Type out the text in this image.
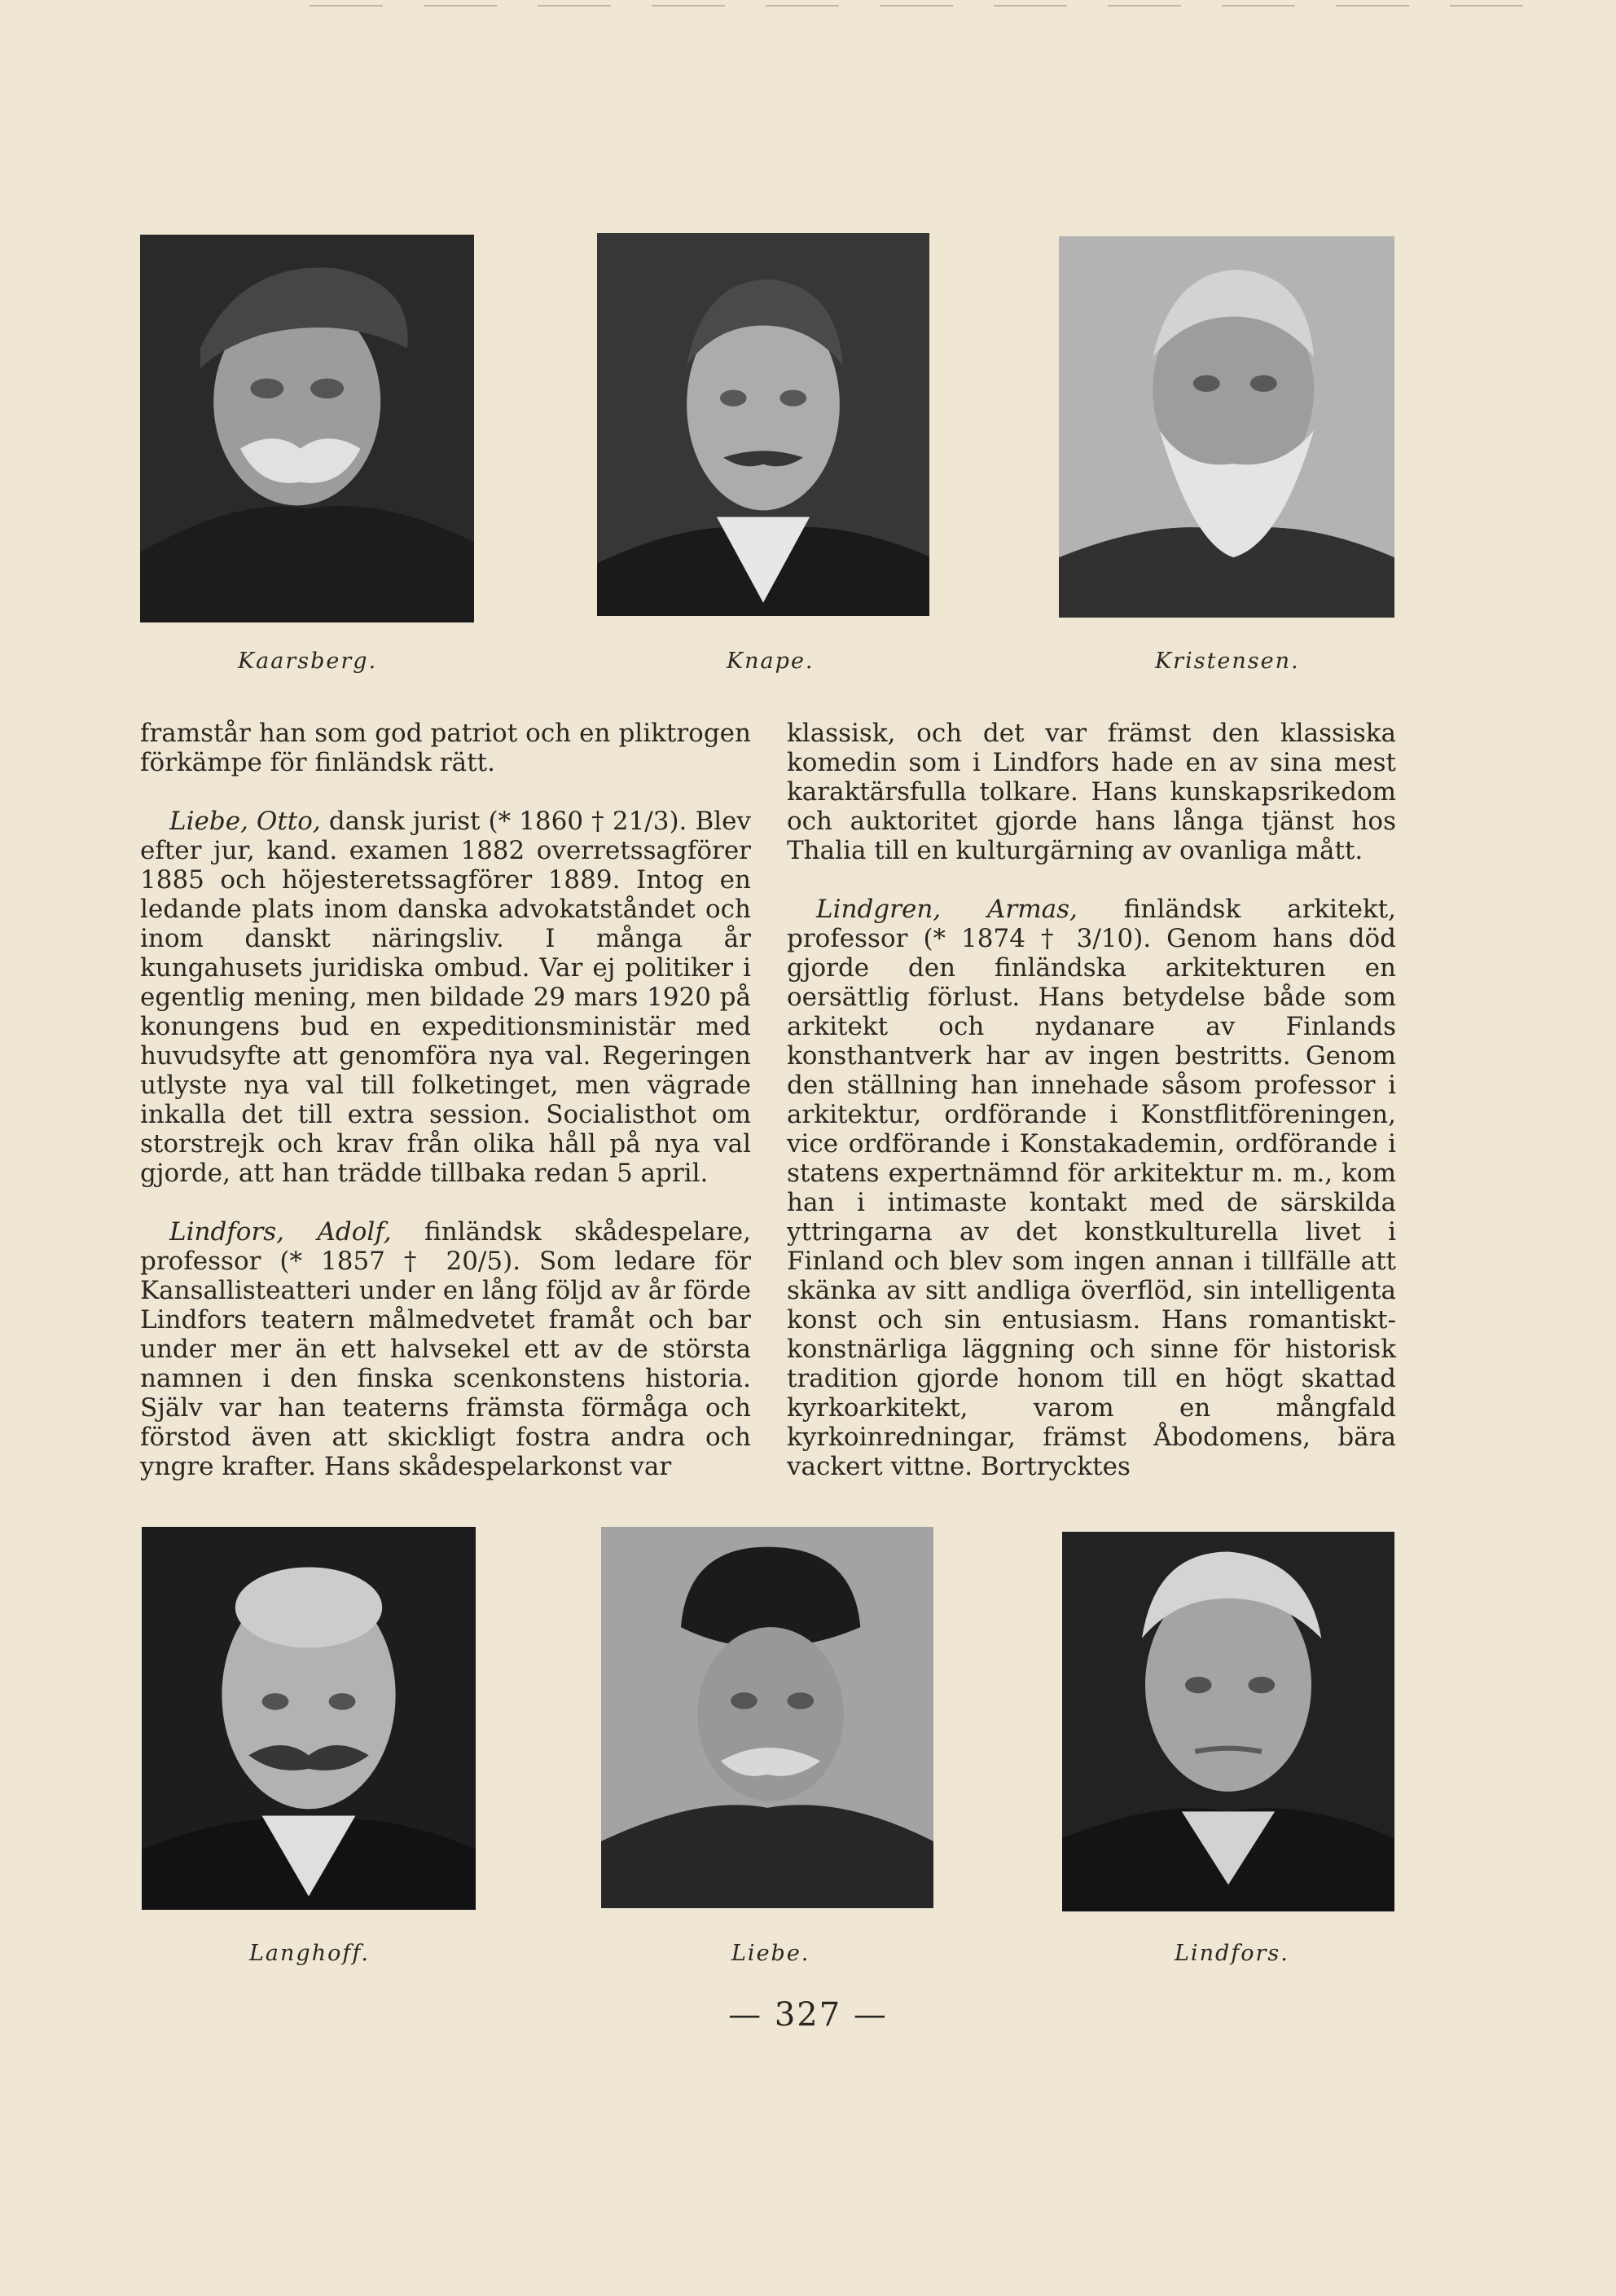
Kaarsberg.	Knape.	Kristensen.

framstår han som god patriot och en pliktrogen förkämpe för finländsk rätt.

Liebe, Otto, dansk jurist (* 1860 † 21/3). Blev efter jur, kand. examen 1882 overretssagförer 1885 och höjesteretssagförer 1889. Intog en ledande plats inom danska advokatståndet och inom danskt näringsliv. I många år kungahusets juridiska ombud. Var ej politiker i egentlig mening, men bildade 29 mars 1920 på konungens bud en expeditionsministär med huvudsyfte att genomföra nya val. Regeringen utlyste nya val till folketinget, men vägrade inkalla det till extra session. Socialisthot om storstrejk och krav från olika håll på nya val gjorde, att han trädde tillbaka redan 5 april.

Lindfors, Adolf, finländsk skådespelare, professor (* 1857 † 20/5). Som ledare för Kansallisteatteri under en lång följd av år förde Lindfors teatern målmedvetet framåt och bar under mer än ett halvsekel ett av de största namnen i den finska scenkonstens historia. Själv var han teaterns främsta förmåga och förstod även att skickligt fostra andra och yngre krafter. Hans skådespelarkonst var

klassisk, och det var främst den klassiska komedin som i Lindfors hade en av sina mest karaktärsfulla tolkare. Hans kunskapsrikedom och auktoritet gjorde hans långa tjänst hos Thalia till en kulturgärning av ovanliga mått.

Lindgren, Armas, finländsk arkitekt, professor (* 1874 † 3/10). Genom hans död gjorde den finländska arkitekturen en oersättlig förlust. Hans betydelse både som arkitekt och nydanare av Finlands konsthantverk har av ingen bestritts. Genom den ställning han innehade såsom professor i arkitektur, ordförande i Konstflitföreningen, vice ordförande i Konstakademin, ordförande i statens expertnämnd för arkitektur m. m., kom han i intimaste kontakt med de särskilda yttringarna av det konstkulturella livet i Finland och blev som ingen annan i tillfälle att skänka av sitt andliga överflöd, sin intelligenta konst och sin entusiasm. Hans romantiskt-konstnärliga läggning och sinne för historisk tradition gjorde honom till en högt skattad kyrkoarkitekt, varom en mångfald kyrkoinredningar, främst Åbodomens, bära vackert vittne. Bortrycktes

Langhoff.	Liebe.	Lindfors.
— 327 —
